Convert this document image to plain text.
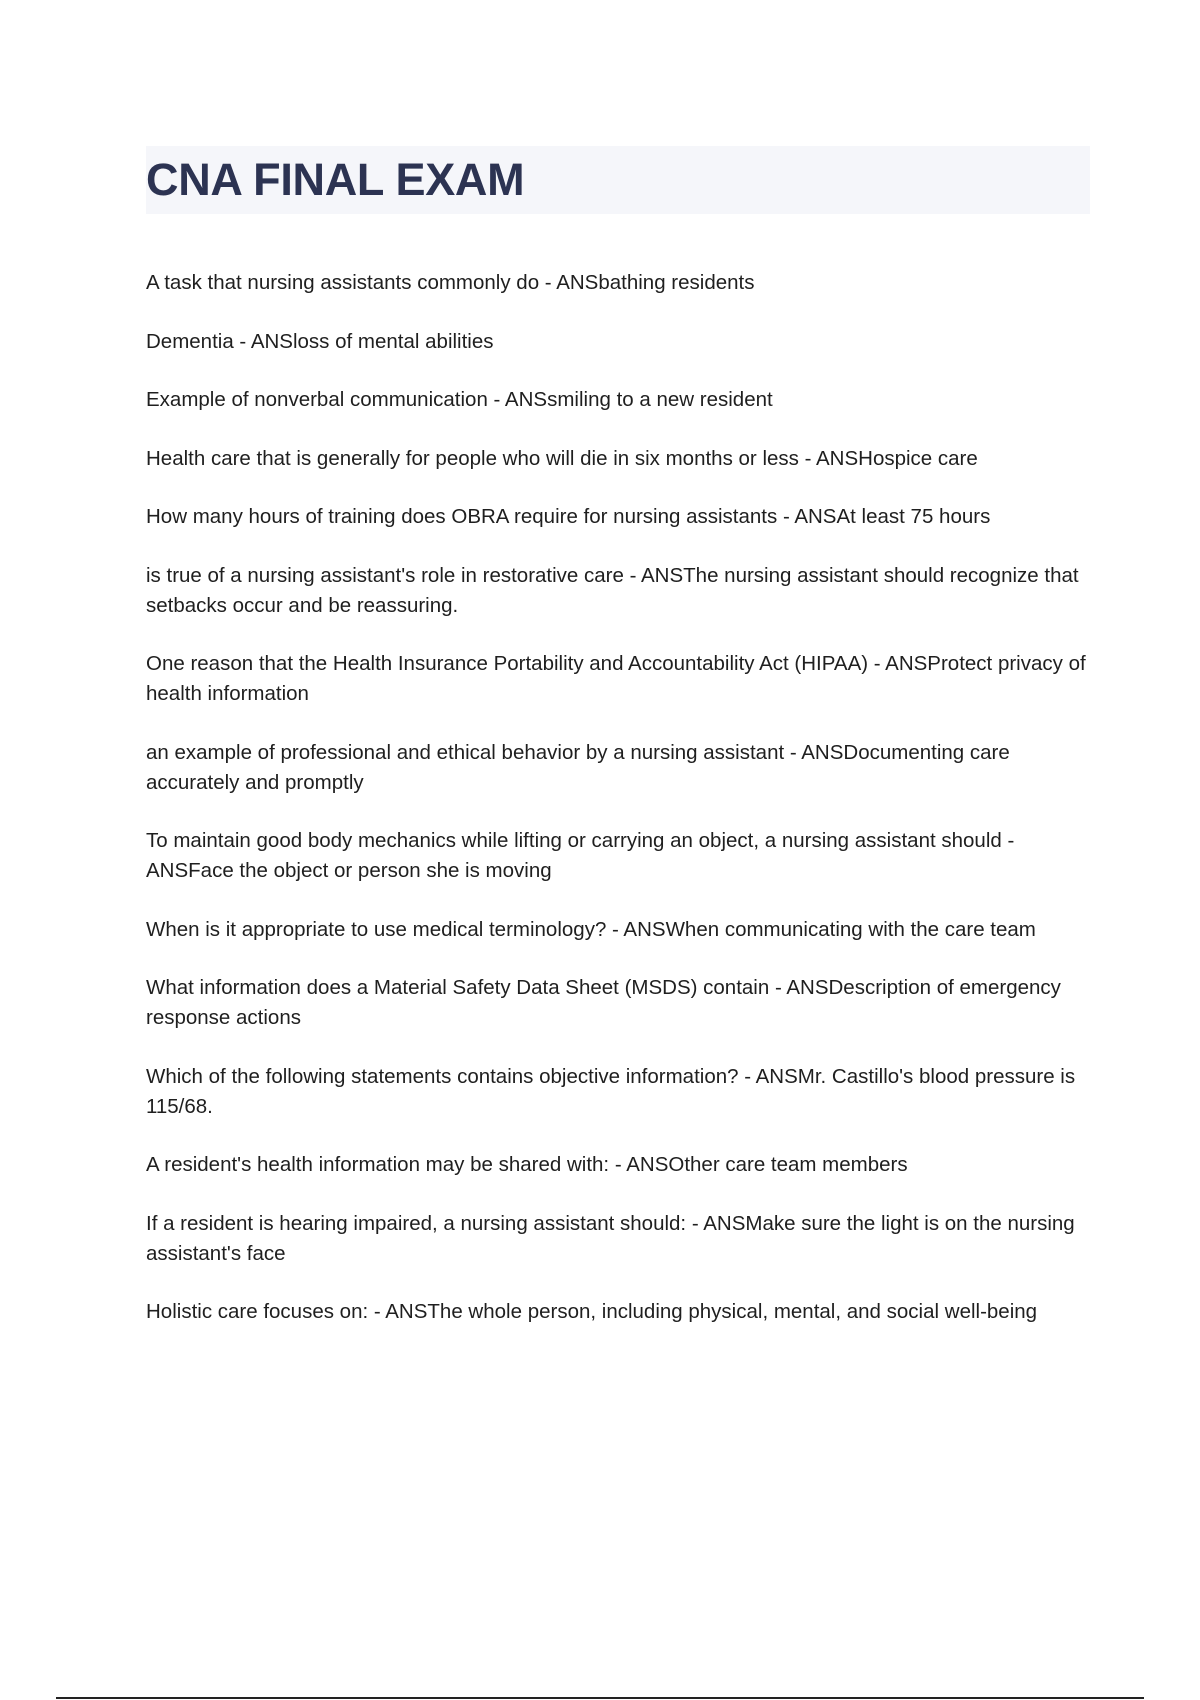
CNA FINAL EXAM
A task that nursing assistants commonly do - ANSbathing residents
Dementia - ANSloss of mental abilities
Example of nonverbal communication - ANSsmiling to a new resident
Health care that is generally for people who will die in six months or less - ANSHospice care
How many hours of training does OBRA require for nursing assistants - ANSAt least 75 hours
is true of a nursing assistant's role in restorative care - ANSThe nursing assistant should recognize that setbacks occur and be reassuring.
One reason that the Health Insurance Portability and Accountability Act (HIPAA) - ANSProtect privacy of health information
an example of professional and ethical behavior by a nursing assistant - ANSDocumenting care accurately and promptly
To maintain good body mechanics while lifting or carrying an object, a nursing assistant should - ANSFace the object or person she is moving
When is it appropriate to use medical terminology? - ANSWhen communicating with the care team
What information does a Material Safety Data Sheet (MSDS) contain - ANSDescription of emergency response actions
Which of the following statements contains objective information? - ANSMr. Castillo's blood pressure is 115/68.
A resident's health information may be shared with: - ANSOther care team members
If a resident is hearing impaired, a nursing assistant should: - ANSMake sure the light is on the nursing assistant's face
Holistic care focuses on: - ANSThe whole person, including physical, mental, and social well-being
